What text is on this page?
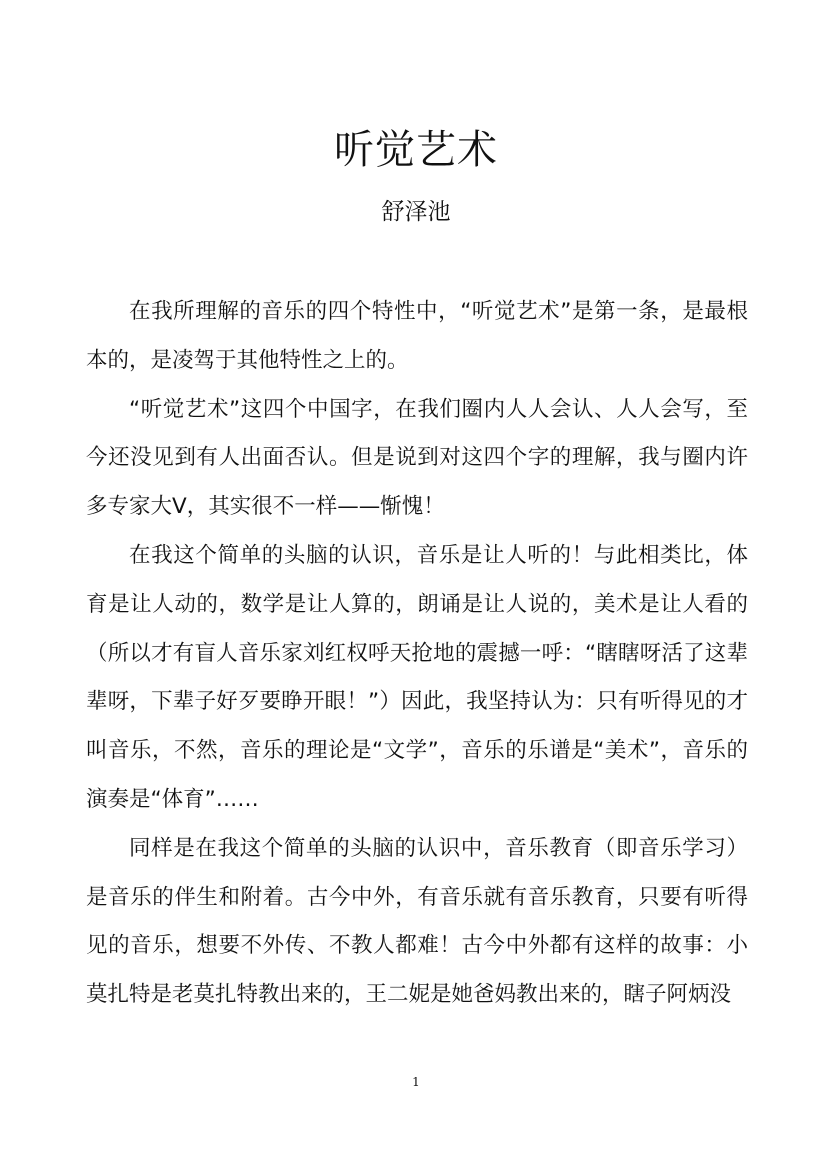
听觉艺术
舒泽池

在我所理解的音乐的四个特性中，“听觉艺术”是第一条，是最根本的，是凌驾于其他特性之上的。

“听觉艺术”这四个中国字，在我们圈内人人会认、人人会写，至今还没见到有人出面否认。但是说到对这四个字的理解，我与圈内许多专家大V，其实很不一样——惭愧！

在我这个简单的头脑的认识，音乐是让人听的！与此相类比，体育是让人动的，数学是让人算的，朗诵是让人说的，美术是让人看的（所以才有盲人音乐家刘红权呼天抢地的震撼一呼：“瞎瞎呀活了这辈辈呀，下辈子好歹要睁开眼！”）因此，我坚持认为：只有听得见的才叫音乐，不然，音乐的理论是“文学”，音乐的乐谱是“美术”，音乐的演奏是“体育”……

同样是在我这个简单的头脑的认识中，音乐教育（即音乐学习）是音乐的伴生和附着。古今中外，有音乐就有音乐教育，只要有听得见的音乐，想要不外传、不教人都难！古今中外都有这样的故事：小莫扎特是老莫扎特教出来的，王二妮是她爸妈教出来的，瞎子阿炳没

1
